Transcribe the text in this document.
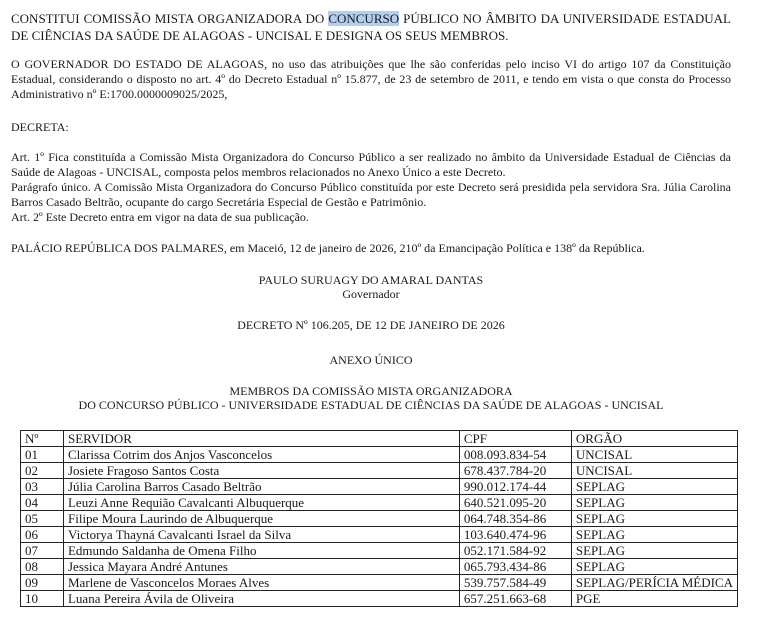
CONSTITUI COMISSÃO MISTA ORGANIZADORA DO CONCURSO PÚBLICO NO ÂMBITO DA UNIVERSIDADE ESTADUAL DE CIÊNCIAS DA SAÚDE DE ALAGOAS - UNCISAL E DESIGNA OS SEUS MEMBROS.

O GOVERNADOR DO ESTADO DE ALAGOAS, no uso das atribuições que lhe são conferidas pelo inciso VI do artigo 107 da Constituição Estadual, considerando o disposto no art. 4º do Decreto Estadual nº 15.877, de 23 de setembro de 2011, e tendo em vista o que consta do Processo Administrativo nº E:1700.0000009025/2025,

DECRETA:

Art. 1º Fica constituída a Comissão Mista Organizadora do Concurso Público a ser realizado no âmbito da Universidade Estadual de Ciências da Saúde de Alagoas - UNCISAL, composta pelos membros relacionados no Anexo Único a este Decreto.

Parágrafo único. A Comissão Mista Organizadora do Concurso Público constituída por este Decreto será presidida pela servidora Sra. Júlia Carolina Barros Casado Beltrão, ocupante do cargo Secretária Especial de Gestão e Patrimônio.

Art. 2º Este Decreto entra em vigor na data de sua publicação.

PALÁCIO REPÚBLICA DOS PALMARES, em Maceió, 12 de janeiro de 2026, 210º da Emancipação Política e 138º da República.

PAULO SURUAGY DO AMARAL DANTAS

Governador

DECRETO Nº 106.205, DE 12 DE JANEIRO DE 2026

ANEXO ÚNICO

MEMBROS DA COMISSÃO MISTA ORGANIZADORA

DO CONCURSO PÚBLICO - UNIVERSIDADE ESTADUAL DE CIÊNCIAS DA SAÚDE DE ALAGOAS - UNCISAL

Nº	SERVIDOR	CPF	ORGÃO
01	Clarissa Cotrim dos Anjos Vasconcelos	008.093.834-54	UNCISAL
02	Josiete Fragoso Santos Costa	678.437.784-20	UNCISAL
03	Júlia Carolina Barros Casado Beltrão	990.012.174-44	SEPLAG
04	Leuzi Anne Requião Cavalcanti Albuquerque	640.521.095-20	SEPLAG
05	Filipe Moura Laurindo de Albuquerque	064.748.354-86	SEPLAG
06	Victorya Thayná Cavalcanti Israel da Silva	103.640.474-96	SEPLAG
07	Edmundo Saldanha de Omena Filho	052.171.584-92	SEPLAG
08	Jessica Mayara André Antunes	065.793.434-86	SEPLAG
09	Marlene de Vasconcelos Moraes Alves	539.757.584-49	SEPLAG/PERÍCIA MÉDICA
10	Luana Pereira Ávila de Oliveira	657.251.663-68	PGE
